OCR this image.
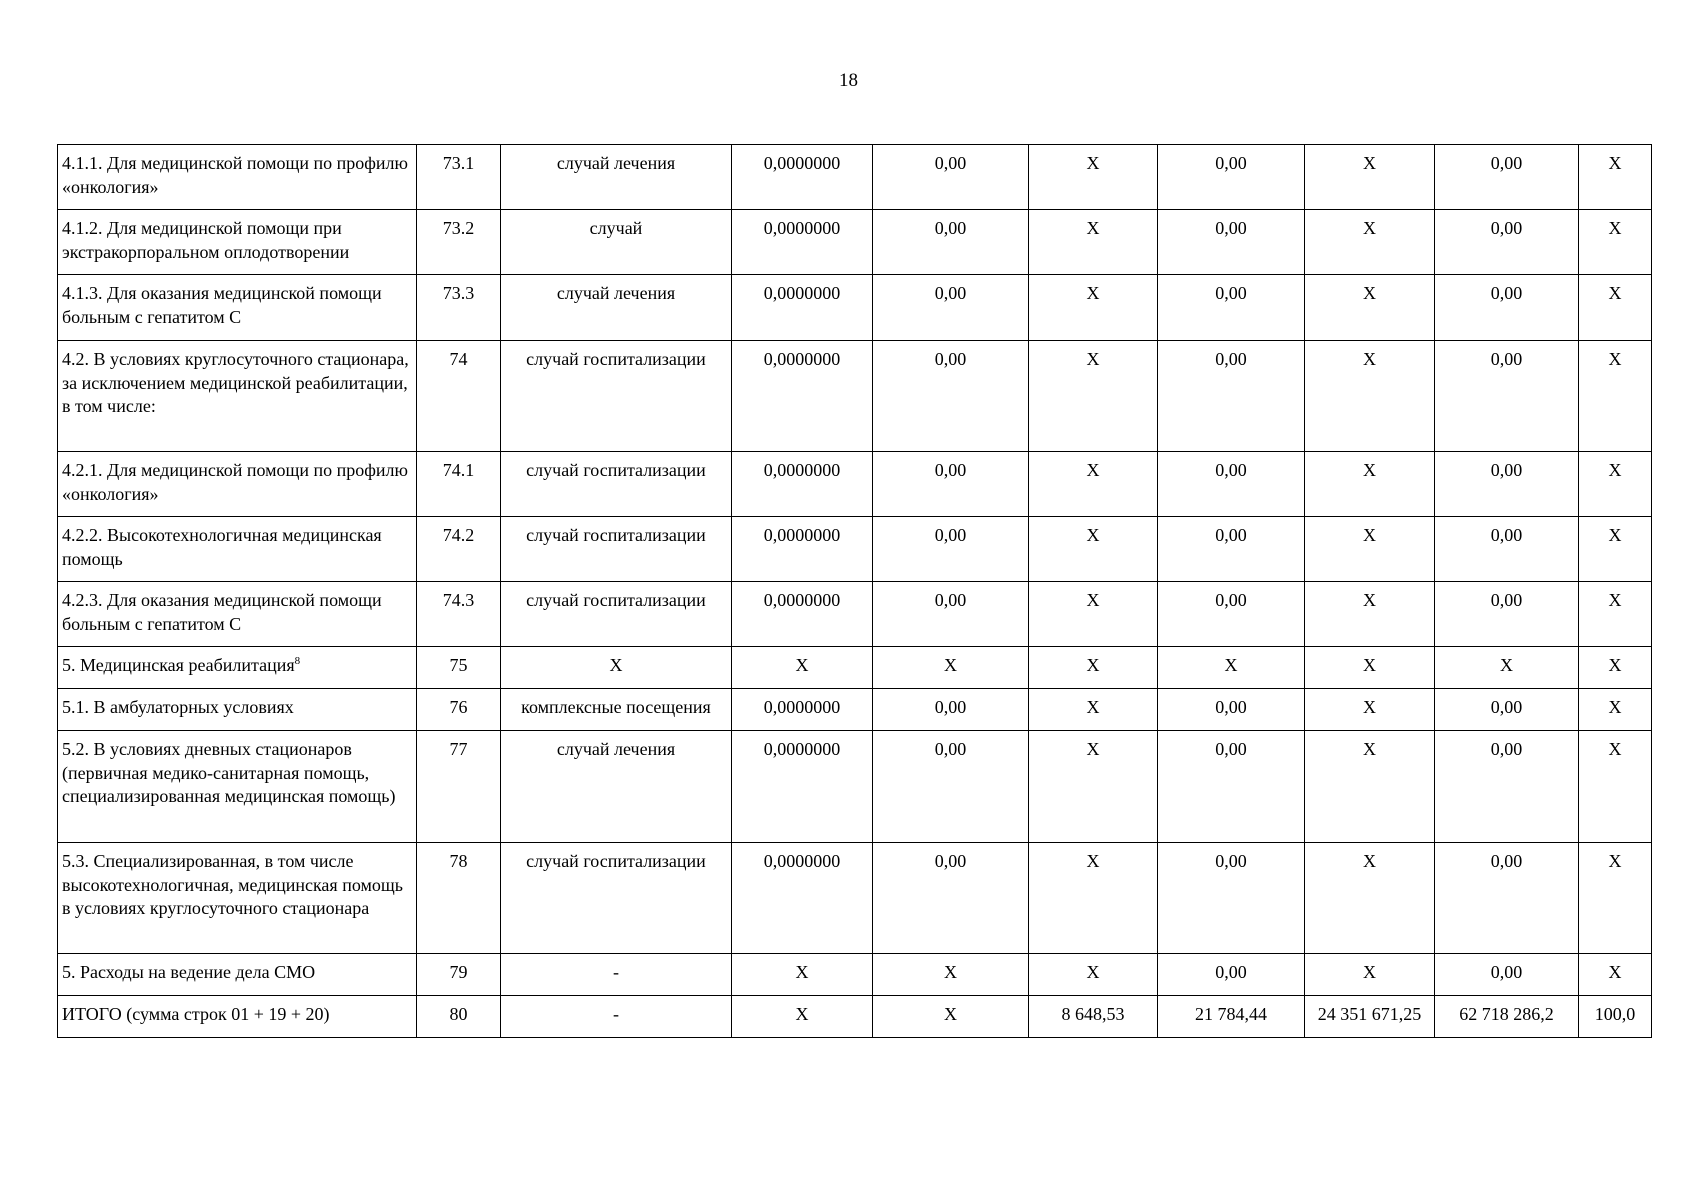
18
4.1.1. Для медицинской помощи по профилю «онкология»	73.1	случай лечения	0,0000000	0,00	X	0,00	X	0,00	X
4.1.2. Для медицинской помощи при экстракорпоральном оплодотворении	73.2	случай	0,0000000	0,00	X	0,00	X	0,00	X
4.1.3. Для оказания медицинской помощи больным с гепатитом С	73.3	случай лечения	0,0000000	0,00	X	0,00	X	0,00	X
4.2. В условиях круглосуточного стационара, за исключением медицинской реабилитации, в том числе:	74	случай госпитализации	0,0000000	0,00	X	0,00	X	0,00	X
4.2.1. Для медицинской помощи по профилю «онкология»	74.1	случай госпитализации	0,0000000	0,00	X	0,00	X	0,00	X
4.2.2. Высокотехнологичная медицинская помощь	74.2	случай госпитализации	0,0000000	0,00	X	0,00	X	0,00	X
4.2.3. Для оказания медицинской помощи больным с гепатитом С	74.3	случай госпитализации	0,0000000	0,00	X	0,00	X	0,00	X
5. Медицинская реабилитация$^8$	75	X	X	X	X	X	X	X	X
5.1. В амбулаторных условиях	76	комплексные посещения	0,0000000	0,00	X	0,00	X	0,00	X
5.2. В условиях дневных стационаров (первичная медико-санитарная помощь, специализированная медицинская помощь)	77	случай лечения	0,0000000	0,00	X	0,00	X	0,00	X
5.3. Специализированная, в том числе высокотехнологичная, медицинская помощь в условиях круглосуточного стационара	78	случай госпитализации	0,0000000	0,00	X	0,00	X	0,00	X
5. Расходы на ведение дела СМО	79	-	X	X	X	0,00	X	0,00	X
ИТОГО (сумма строк 01 + 19 + 20)	80	-	X	X	8 648,53	21 784,44	24 351 671,25	62 718 286,2	100,0
